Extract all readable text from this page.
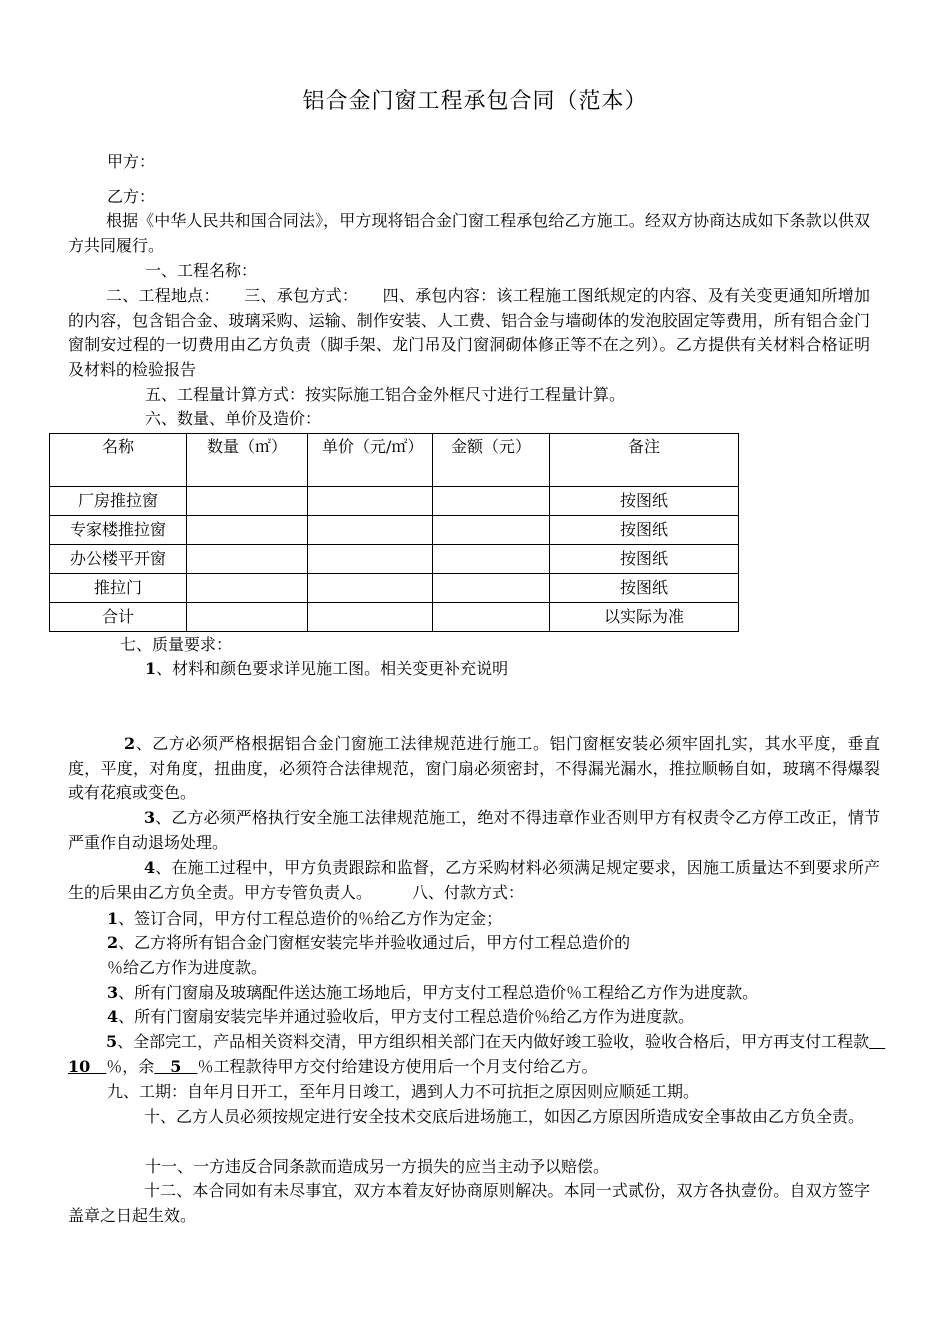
铝合金门窗工程承包合同（范本）
甲方：
乙方：
根据《中华人民共和国合同法》，甲方现将铝合金门窗工程承包给乙方施工。经双方协商达成如下条款以供双方共同履行。
一、工程名称：
二、工程地点：　　三、承包方式：　　四、承包内容：该工程施工图纸规定的内容、及有关变更通知所增加的内容，包含铝合金、玻璃采购、运输、制作安装、人工费、铝合金与墙砌体的发泡胶固定等费用，所有铝合金门窗制安过程的一切费用由乙方负责（脚手架、龙门吊及门窗洞砌体修正等不在之列）。乙方提供有关材料合格证明及材料的检验报告
五、工程量计算方式：按实际施工铝合金外框尺寸进行工程量计算。
六、数量、单价及造价：
名称	数量（㎡）	单价（元/㎡）	金额（元）	备注
厂房推拉窗				按图纸
专家楼推拉窗				按图纸
办公楼平开窗				按图纸
推拉门				按图纸
合计				以实际为准
七、质量要求：
1、材料和颜色要求详见施工图。相关变更补充说明
2、乙方必须严格根据铝合金门窗施工法律规范进行施工。铝门窗框安装必须牢固扎实，其水平度，垂直度，平度，对角度，扭曲度，必须符合法律规范，窗门扇必须密封，不得漏光漏水，推拉顺畅自如，玻璃不得爆裂或有花痕或变色。
3、乙方必须严格执行安全施工法律规范施工，绝对不得违章作业否则甲方有权责令乙方停工改正，情节严重作自动退场处理。
4、在施工过程中，甲方负责跟踪和监督，乙方采购材料必须满足规定要求，因施工质量达不到要求所产生的后果由乙方负全责。甲方专管负责人。　　　八、付款方式：
1、签订合同，甲方付工程总造价的％给乙方作为定金；
2、乙方将所有铝合金门窗框安装完毕并验收通过后，甲方付工程总造价的
％给乙方作为进度款。
3、所有门窗扇及玻璃配件送达施工场地后，甲方支付工程总造价％工程给乙方作为进度款。
4、所有门窗扇安装完毕并通过验收后，甲方支付工程总造价％给乙方作为进度款。
5、全部完工，产品相关资料交清，甲方组织相关部门在天内做好竣工验收，验收合格后，甲方再支付工程款　10　％，余　5　％工程款待甲方交付给建设方使用后一个月支付给乙方。
九、工期：自年月日开工，至年月日竣工，遇到人力不可抗拒之原因则应顺延工期。
十、乙方人员必须按规定进行安全技术交底后进场施工，如因乙方原因所造成安全事故由乙方负全责。
十一、一方违反合同条款而造成另一方损失的应当主动予以赔偿。
十二、本合同如有未尽事宜，双方本着友好协商原则解决。本同一式贰份，双方各执壹份。自双方签字盖章之日起生效。
